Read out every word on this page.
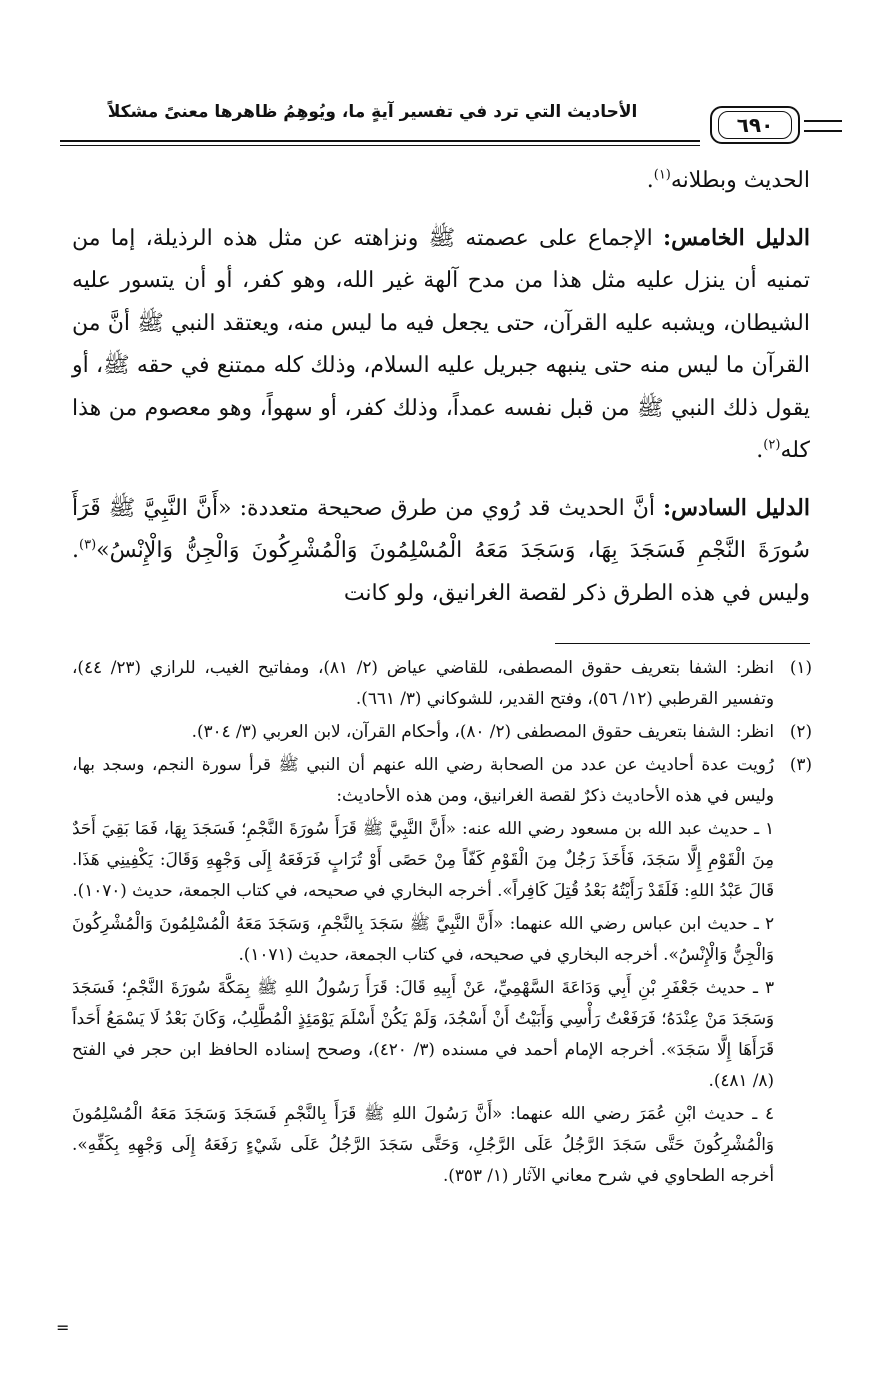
٦٩٠
الأحاديث التي ترد في تفسير آيةٍ ما، ويُوهِمُ ظاهرها معنىً مشكلاً

الحديث وبطلانه$^{(١)}$.

الدليل الخامس: الإجماع على عصمته ﷺ ونزاهته عن مثل هذه الرذيلة، إما من تمنيه أن ينزل عليه مثل هذا من مدح آلهة غير الله، وهو كفر، أو أن يتسور عليه الشيطان، ويشبه عليه القرآن، حتى يجعل فيه ما ليس منه، ويعتقد النبي ﷺ أنَّ من القرآن ما ليس منه حتى ينبهه جبريل عليه السلام، وذلك كله ممتنع في حقه ﷺ، أو يقول ذلك النبي ﷺ من قبل نفسه عمداً، وذلك كفر، أو سهواً، وهو معصوم من هذا كله$^{(٢)}$.

الدليل السادس: أنَّ الحديث قد رُوي من طرق صحيحة متعددة: «أَنَّ النَّبِيَّ ﷺ قَرَأَ سُورَةَ النَّجْمِ فَسَجَدَ بِهَا، وَسَجَدَ مَعَهُ الْمُسْلِمُونَ وَالْمُشْرِكُونَ وَالْجِنُّ وَالْإِنْسُ»$^{(٣)}$. وليس في هذه الطرق ذكر لقصة الغرانيق، ولو كانت

(١)
انظر: الشفا بتعريف حقوق المصطفى، للقاضي عياض (٢/ ٨١)، ومفاتيح الغيب، للرازي (٢٣/ ٤٤)، وتفسير القرطبي (١٢/ ٥٦)، وفتح القدير، للشوكاني (٣/ ٦٦١).
(٢)
انظر: الشفا بتعريف حقوق المصطفى (٢/ ٨٠)، وأحكام القرآن، لابن العربي (٣/ ٣٠٤).
(٣)
رُويت عدة أحاديث عن عدد من الصحابة رضي الله عنهم أن النبي ﷺ قرأ سورة النجم، وسجد بها، وليس في هذه الأحاديث ذكرٌ لقصة الغرانيق، ومن هذه الأحاديث:
١ ـ حديث عبد الله بن مسعود رضي الله عنه: «أَنَّ النَّبِيَّ ﷺ قَرَأَ سُورَةَ النَّجْمِ؛ فَسَجَدَ بِهَا، فَمَا بَقِيَ أَحَدٌ مِنَ الْقَوْمِ إِلَّا سَجَدَ، فَأَخَذَ رَجُلٌ مِنَ الْقَوْمِ كَفّاً مِنْ حَصًى أَوْ تُرَابٍ فَرَفَعَهُ إِلَى وَجْهِهِ وَقَالَ: يَكْفِينِي هَذَا. قَالَ عَبْدُ اللهِ: فَلَقَدْ رَأَيْتُهُ بَعْدُ قُتِلَ كَافِراً». أخرجه البخاري في صحيحه، في كتاب الجمعة، حديث (١٠٧٠).
٢ ـ حديث ابن عباس رضي الله عنهما: «أَنَّ النَّبِيَّ ﷺ سَجَدَ بِالنَّجْمِ، وَسَجَدَ مَعَهُ الْمُسْلِمُونَ وَالْمُشْرِكُونَ وَالْجِنُّ وَالْإِنْسُ». أخرجه البخاري في صحيحه، في كتاب الجمعة، حديث (١٠٧١).
٣ ـ حديث جَعْفَرِ بْنِ أَبِي وَدَاعَةَ السَّهْمِيِّ، عَنْ أَبِيهِ قَالَ: قَرَأَ رَسُولُ اللهِ ﷺ بِمَكَّةَ سُورَةَ النَّجْمِ؛ فَسَجَدَ وَسَجَدَ مَنْ عِنْدَهُ؛ فَرَفَعْتُ رَأْسِي وَأَبَيْتُ أَنْ أَسْجُدَ، وَلَمْ يَكُنْ أَسْلَمَ يَوْمَئِذٍ الْمُطَّلِبُ، وَكَانَ بَعْدُ لَا يَسْمَعُ أَحَداً قَرَأَهَا إِلَّا سَجَدَ». أخرجه الإمام أحمد في مسنده (٣/ ٤٢٠)، وصحح إسناده الحافظ ابن حجر في الفتح (٨/ ٤٨١).
٤ ـ حديث ابْنِ عُمَرَ رضي الله عنهما: «أَنَّ رَسُولَ اللهِ ﷺ قَرَأَ بِالنَّجْمِ فَسَجَدَ وَسَجَدَ مَعَهُ الْمُسْلِمُونَ وَالْمُشْرِكُونَ حَتَّى سَجَدَ الرَّجُلُ عَلَى الرَّجُلِ، وَحَتَّى سَجَدَ الرَّجُلُ عَلَى شَيْءٍ رَفَعَهُ إِلَى وَجْهِهِ بِكَفِّهِ». أخرجه الطحاوي في شرح معاني الآثار (١/ ٣٥٣).
=
